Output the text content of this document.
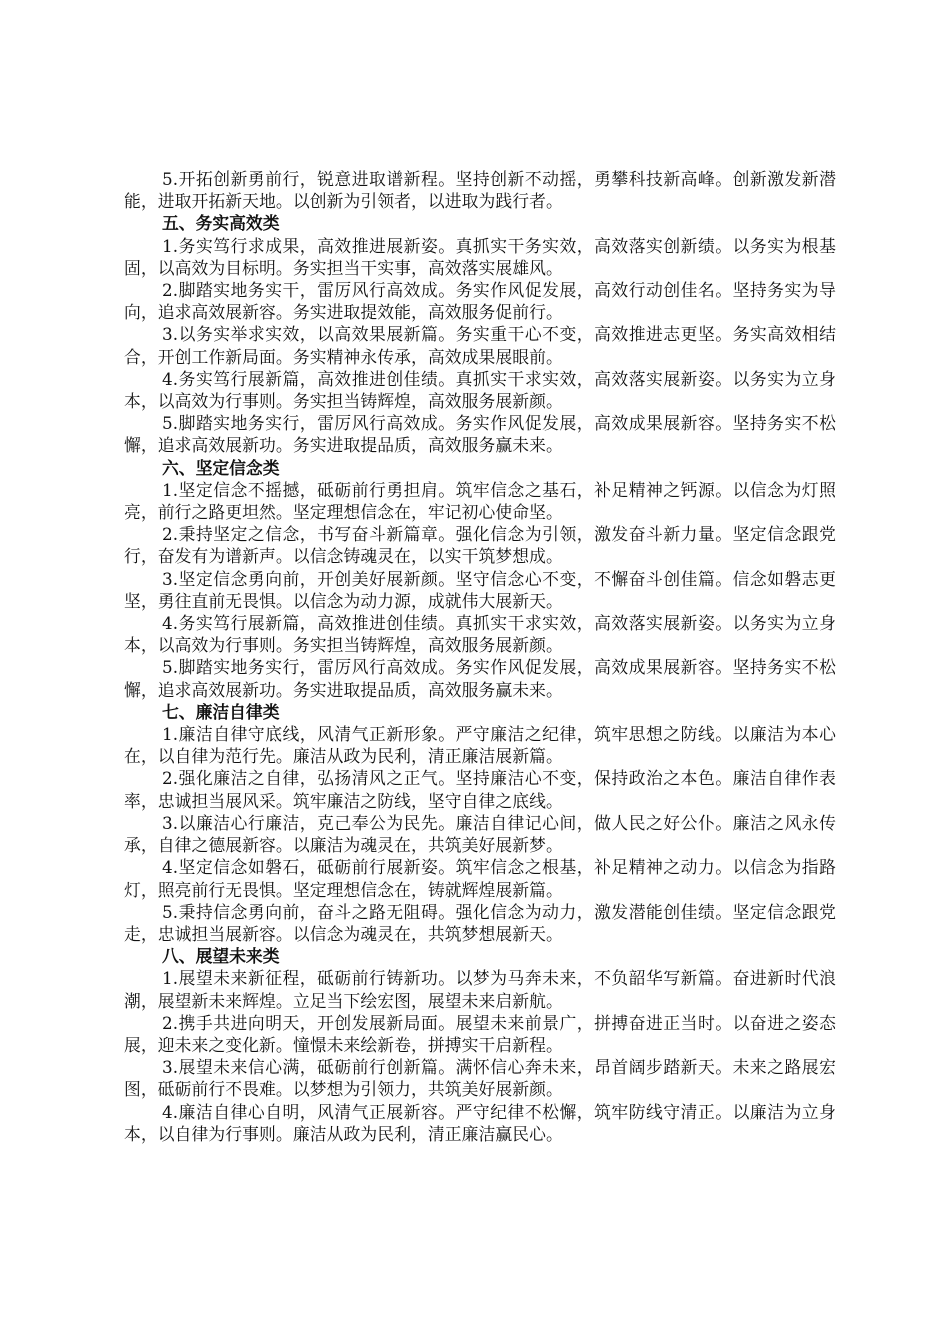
5.开拓创新勇前行，锐意进取谱新程。坚持创新不动摇，勇攀科技新高峰。创新激发新潜能，进取开拓新天地。以创新为引领者，以进取为践行者。

五、务实高效类

1.务实笃行求成果，高效推进展新姿。真抓实干务实效，高效落实创新绩。以务实为根基固，以高效为目标明。务实担当干实事，高效落实展雄风。

2.脚踏实地务实干，雷厉风行高效成。务实作风促发展，高效行动创佳名。坚持务实为导向，追求高效展新容。务实进取提效能，高效服务促前行。

3.以务实举求实效，以高效果展新篇。务实重干心不变，高效推进志更坚。务实高效相结合，开创工作新局面。务实精神永传承，高效成果展眼前。

4.务实笃行展新篇，高效推进创佳绩。真抓实干求实效，高效落实展新姿。以务实为立身本，以高效为行事则。务实担当铸辉煌，高效服务展新颜。

5.脚踏实地务实行，雷厉风行高效成。务实作风促发展，高效成果展新容。坚持务实不松懈，追求高效展新功。务实进取提品质，高效服务赢未来。

六、坚定信念类

1.坚定信念不摇撼，砥砺前行勇担肩。筑牢信念之基石，补足精神之钙源。以信念为灯照亮，前行之路更坦然。坚定理想信念在，牢记初心使命坚。

2.秉持坚定之信念，书写奋斗新篇章。强化信念为引领，激发奋斗新力量。坚定信念跟党行，奋发有为谱新声。以信念铸魂灵在，以实干筑梦想成。

3.坚定信念勇向前，开创美好展新颜。坚守信念心不变，不懈奋斗创佳篇。信念如磐志更坚，勇往直前无畏惧。以信念为动力源，成就伟大展新天。

4.务实笃行展新篇，高效推进创佳绩。真抓实干求实效，高效落实展新姿。以务实为立身本，以高效为行事则。务实担当铸辉煌，高效服务展新颜。

5.脚踏实地务实行，雷厉风行高效成。务实作风促发展，高效成果展新容。坚持务实不松懈，追求高效展新功。务实进取提品质，高效服务赢未来。

七、廉洁自律类

1.廉洁自律守底线，风清气正新形象。严守廉洁之纪律，筑牢思想之防线。以廉洁为本心在，以自律为范行先。廉洁从政为民利，清正廉洁展新篇。

2.强化廉洁之自律，弘扬清风之正气。坚持廉洁心不变，保持政治之本色。廉洁自律作表率，忠诚担当展风采。筑牢廉洁之防线，坚守自律之底线。

3.以廉洁心行廉洁，克己奉公为民先。廉洁自律记心间，做人民之好公仆。廉洁之风永传承，自律之德展新容。以廉洁为魂灵在，共筑美好展新梦。

4.坚定信念如磐石，砥砺前行展新姿。筑牢信念之根基，补足精神之动力。以信念为指路灯，照亮前行无畏惧。坚定理想信念在，铸就辉煌展新篇。

5.秉持信念勇向前，奋斗之路无阻碍。强化信念为动力，激发潜能创佳绩。坚定信念跟党走，忠诚担当展新容。以信念为魂灵在，共筑梦想展新天。

八、展望未来类

1.展望未来新征程，砥砺前行铸新功。以梦为马奔未来，不负韶华写新篇。奋进新时代浪潮，展望新未来辉煌。立足当下绘宏图，展望未来启新航。

2.携手共进向明天，开创发展新局面。展望未来前景广，拼搏奋进正当时。以奋进之姿态展，迎未来之变化新。憧憬未来绘新卷，拼搏实干启新程。

3.展望未来信心满，砥砺前行创新篇。满怀信心奔未来，昂首阔步踏新天。未来之路展宏图，砥砺前行不畏难。以梦想为引领力，共筑美好展新颜。

4.廉洁自律心自明，风清气正展新容。严守纪律不松懈，筑牢防线守清正。以廉洁为立身本，以自律为行事则。廉洁从政为民利，清正廉洁赢民心。
